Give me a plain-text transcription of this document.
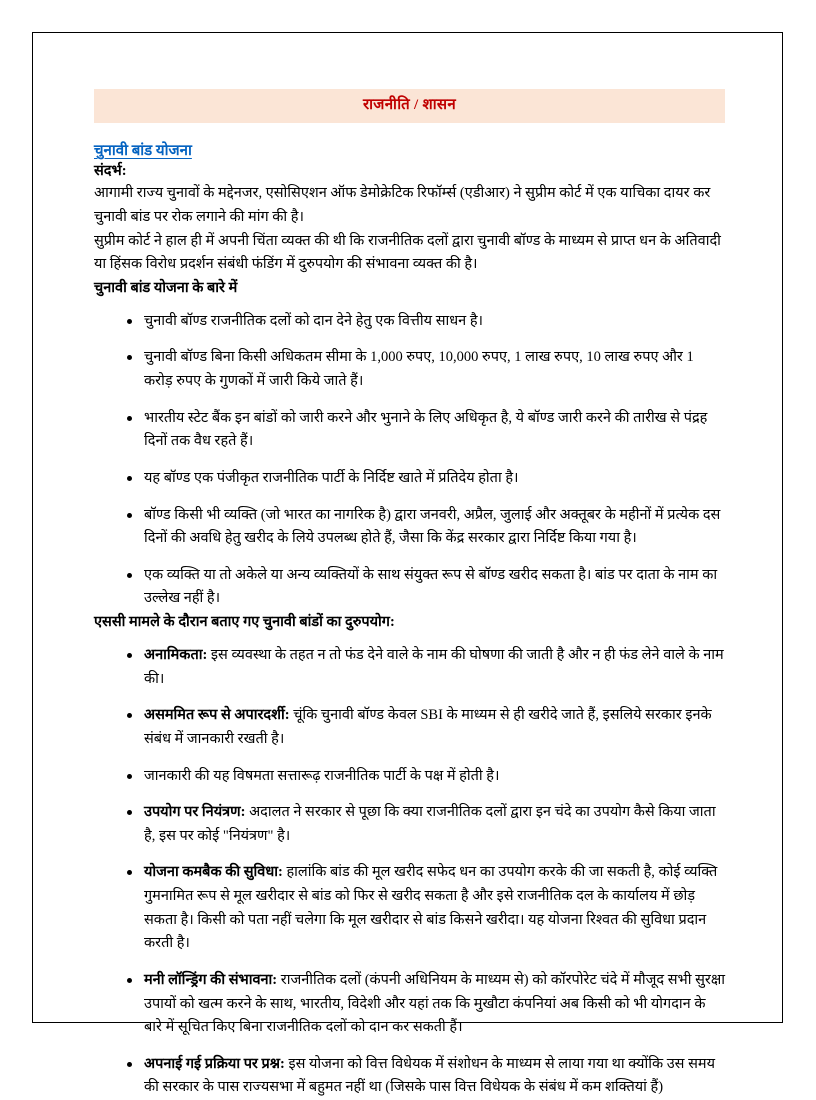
राजनीति / शासन
चुनावी बांड योजना
संदर्भ:

आगामी राज्य चुनावों के मद्देनजर, एसोसिएशन ऑफ डेमोक्रेटिक रिफॉर्म्स (एडीआर) ने सुप्रीम कोर्ट में एक याचिका दायर कर चुनावी बांड पर रोक लगाने की मांग की है।

सुप्रीम कोर्ट ने हाल ही में अपनी चिंता व्यक्त की थी कि राजनीतिक दलों द्वारा चुनावी बॉण्ड के माध्यम से प्राप्त धन के अतिवादी या हिंसक विरोध प्रदर्शन संबंधी फंडिंग में दुरुपयोग की संभावना व्यक्त की है।

चुनावी बांड योजना के बारे में
चुनावी बॉण्ड राजनीतिक दलों को दान देने हेतु एक वित्तीय साधन है।
चुनावी बॉण्ड बिना किसी अधिकतम सीमा के 1,000 रुपए, 10,000 रुपए, 1 लाख रुपए, 10 लाख रुपए और 1 करोड़ रुपए के गुणकों में जारी किये जाते हैं।
भारतीय स्टेट बैंक इन बांडों को जारी करने और भुनाने के लिए अधिकृत है, ये बॉण्ड जारी करने की तारीख से पंद्रह दिनों तक वैध रहते हैं।
यह बॉण्ड एक पंजीकृत राजनीतिक पार्टी के निर्दिष्ट खाते में प्रतिदेय होता है।
बॉण्ड किसी भी व्यक्ति (जो भारत का नागरिक है) द्वारा जनवरी, अप्रैल, जुलाई और अक्तूबर के महीनों में प्रत्येक दस दिनों की अवधि हेतु खरीद के लिये उपलब्ध होते हैं, जैसा कि केंद्र सरकार द्वारा निर्दिष्ट किया गया है।
एक व्यक्ति या तो अकेले या अन्य व्यक्तियों के साथ संयुक्त रूप से बॉण्ड खरीद सकता है। बांड पर दाता के नाम का उल्लेख नहीं है।
एससी मामले के दौरान बताए गए चुनावी बांडों का दुरुपयोग:
अनामिकता: इस व्यवस्था के तहत न तो फंड देने वाले के नाम की घोषणा की जाती है और न ही फंड लेने वाले के नाम की।
असममित रूप से अपारदर्शी: चूंकि चुनावी बॉण्ड केवल SBI के माध्यम से ही खरीदे जाते हैं, इसलिये सरकार इनके संबंध में जानकारी रखती है।
जानकारी की यह विषमता सत्तारूढ़ राजनीतिक पार्टी के पक्ष में होती है।
उपयोग पर नियंत्रण: अदालत ने सरकार से पूछा कि क्या राजनीतिक दलों द्वारा इन चंदे का उपयोग कैसे किया जाता है, इस पर कोई "नियंत्रण" है।
योजना कमबैक की सुविधा: हालांकि बांड की मूल खरीद सफेद धन का उपयोग करके की जा सकती है, कोई व्यक्ति गुमनामित रूप से मूल खरीदार से बांड को फिर से खरीद सकता है और इसे राजनीतिक दल के कार्यालय में छोड़ सकता है। किसी को पता नहीं चलेगा कि मूल खरीदार से बांड किसने खरीदा। यह योजना रिश्वत की सुविधा प्रदान करती है।
मनी लॉन्ड्रिंग की संभावना: राजनीतिक दलों (कंपनी अधिनियम के माध्यम से) को कॉरपोरेट चंदे में मौजूद सभी सुरक्षा उपायों को खत्म करने के साथ, भारतीय, विदेशी और यहां तक कि मुखौटा कंपनियां अब किसी को भी योगदान के बारे में सूचित किए बिना राजनीतिक दलों को दान कर सकती हैं।
अपनाई गई प्रक्रिया पर प्रश्न: इस योजना को वित्त विधेयक में संशोधन के माध्यम से लाया गया था क्योंकि उस समय की सरकार के पास राज्यसभा में बहुमत नहीं था (जिसके पास वित्त विधेयक के संबंध में कम शक्तियां हैं)
